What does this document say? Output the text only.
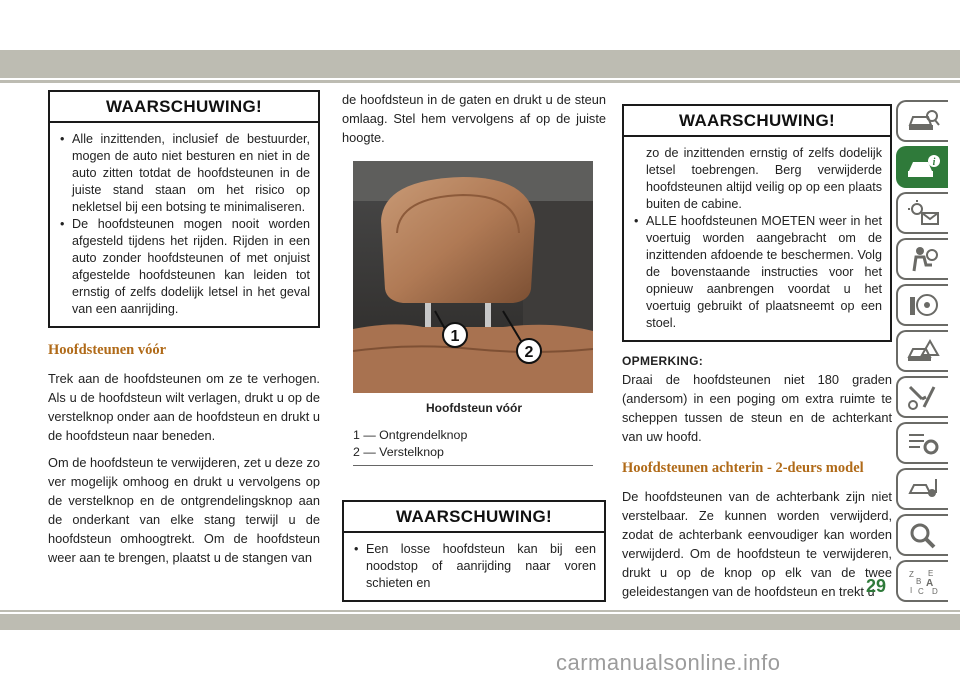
WAARSCHUWING!
• Alle inzittenden, inclusief de bestuurder, mogen de auto niet besturen en niet in de auto zitten totdat de hoofdsteunen in de juiste stand staan om het risico op nekletsel bij een botsing te minimaliseren.
• De hoofdsteunen mogen nooit worden afgesteld tijdens het rijden. Rijden in een auto zonder hoofdsteunen of met onjuist afgestelde hoofdsteunen kan leiden tot ernstig of zelfs dodelijk letsel in het geval van een aanrijding.
Hoofdsteunen vóór

Trek aan de hoofdsteunen om ze te verhogen. Als u de hoofdsteun wilt verlagen, drukt u op de verstelknop onder aan de hoofdsteun en drukt u de hoofdsteun naar beneden.

Om de hoofdsteun te verwijderen, zet u deze zo ver mogelijk omhoog en drukt u vervolgens op de verstelknop en de ontgrendelingsknop aan de onderkant van elke stang terwijl u de hoofdsteun omhoogtrekt. Om de hoofdsteun weer aan te brengen, plaatst u de stangen van

de hoofdsteun in de gaten en drukt u de steun omlaag. Stel hem vervolgens af op de juiste hoogte.

1
2
Hoofdsteun vóór
1 — Ontgrendelknop
2 — Verstelknop
WAARSCHUWING!
• Een losse hoofdsteun kan bij een noodstop of aanrijding naar voren schieten en
WAARSCHUWING!
zo de inzittenden ernstig of zelfs dodelijk letsel toebrengen. Berg verwijderde hoofdsteunen altijd veilig op op een plaats buiten de cabine.
• ALLE hoofdsteunen MOETEN weer in het voertuig worden aangebracht om de inzittenden afdoende te beschermen. Volg de bovenstaande instructies voor het opnieuw aanbrengen voordat u het voertuig gebruikt of plaatsneemt op een stoel.
OPMERKING:

Draai de hoofdsteunen niet 180 graden (andersom) in een poging om extra ruimte te scheppen tussen de steun en de achterkant van uw hoofd.

Hoofdsteunen achterin - 2-deurs model

De hoofdsteunen van de achterbank zijn niet verstelbaar. Ze kunnen worden verwijderd, zodat de achterbank eenvoudiger kan worden verwijderd. Om de hoofdsteun te verwijderen, drukt u op de knop op elk van de twee geleidestangen van de hoofdsteun en trekt u

i
Z E
B A
I C D
29
carmanualsonline.info
